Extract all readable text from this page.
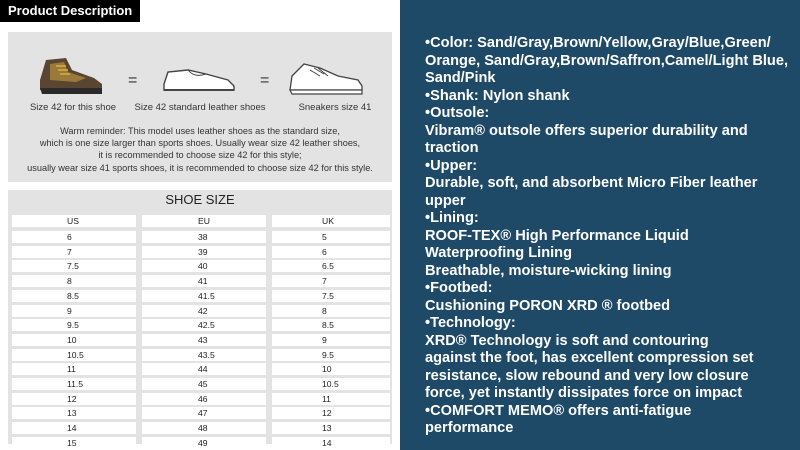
Product Description
=	=
Size 42 for this shoe	Size 42 standard leather shoes	Sneakers size 41
Warm reminder: This model uses leather shoes as the standard size,
which is one size larger than sports shoes. Usually wear size 42 leather shoes,
it is recommended to choose size 42 for this style;
usually wear size 41 sports shoes, it is recommended to choose size 42 for this style.
SHOE SIZE
US	EU	UK
6	38	5
7	39	6
7.5	40	6.5
8	41	7
8.5	41.5	7.5
9	42	8
9.5	42.5	8.5
10	43	9
10.5	43.5	9.5
11	44	10
11.5	45	10.5
12	46	11
13	47	12
14	48	13
15	49	14
•Color: Sand/Gray,Brown/Yellow,Gray/Blue,Green/
Orange, Sand/Gray,Brown/Saffron,Camel/Light Blue,
Sand/Pink
•Shank: Nylon shank
•Outsole:
Vibram® outsole offers superior durability and
traction
•Upper:
Durable, soft, and absorbent Micro Fiber leather
upper
•Lining:
ROOF-TEX® High Performance Liquid
Waterproofing Lining
Breathable, moisture-wicking lining
•Footbed:
Cushioning PORON XRD ® footbed
•Technology:
XRD® Technology is soft and contouring
against the foot, has excellent compression set
resistance, slow rebound and very low closure
force, yet instantly dissipates force on impact
•COMFORT MEMO® offers anti-fatigue
performance
